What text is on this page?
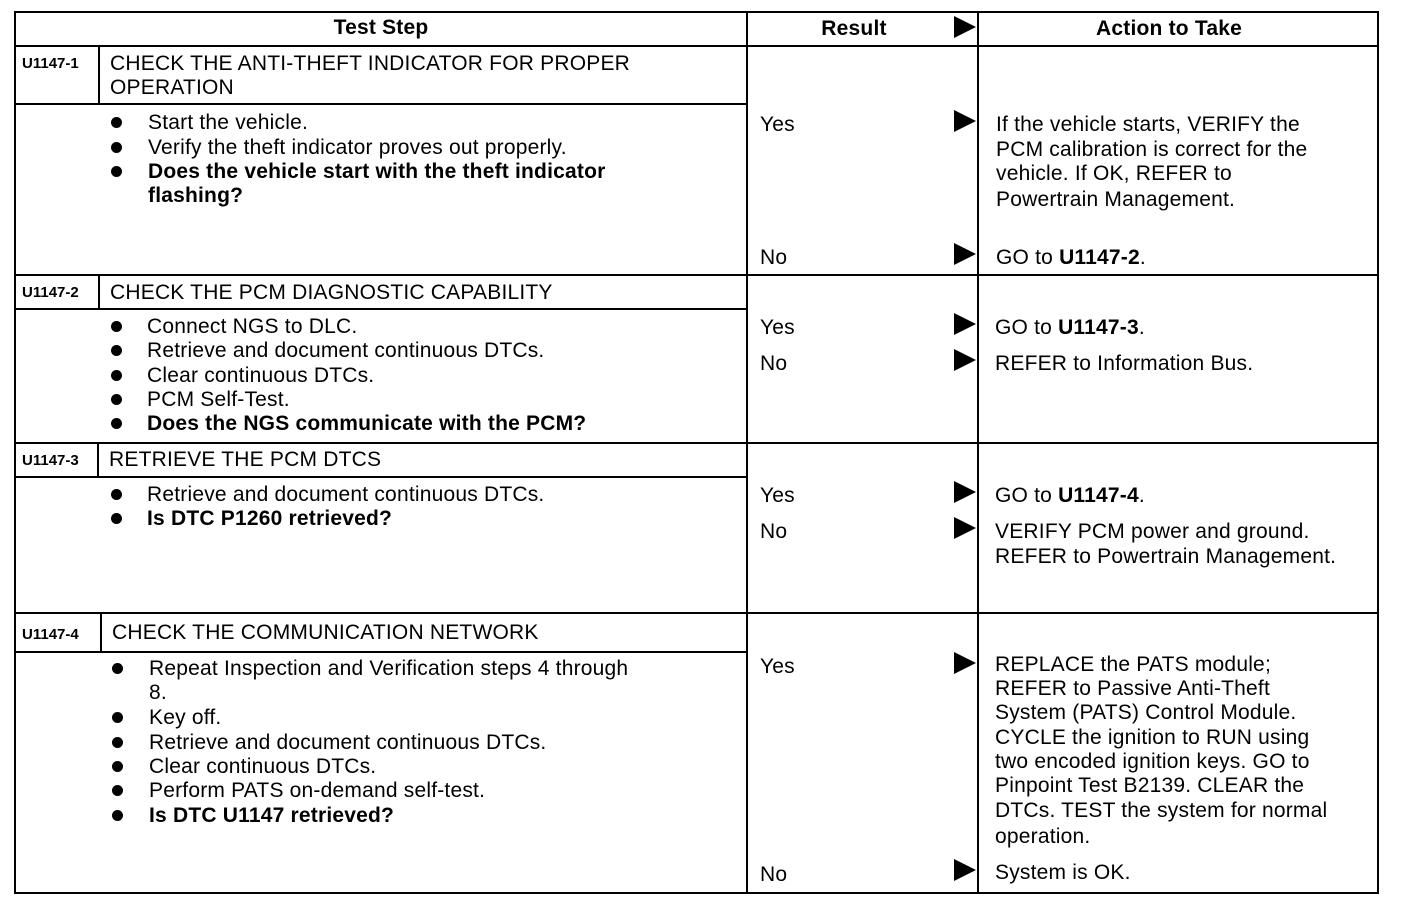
Test Step	Result	Action to Take
U1147-1 CHECK THE ANTI-THEFT INDICATOR FOR PROPER
OPERATION
Start the vehicle.
Verify the theft indicator proves out properly.
Does the vehicle start with the theft indicator
flashing?
Yes	If the vehicle starts, VERIFY the
PCM calibration is correct for the
vehicle. If OK, REFER to
Powertrain Management.
No	GO to U1147-2.
U1147-2 CHECK THE PCM DIAGNOSTIC CAPABILITY
Connect NGS to DLC.
Retrieve and document continuous DTCs.
Clear continuous DTCs.
PCM Self-Test.
Does the NGS communicate with the PCM?
Yes	GO to U1147-3.
No	REFER to Information Bus.
U1147-3 RETRIEVE THE PCM DTCS
Retrieve and document continuous DTCs.
Is DTC P1260 retrieved?
Yes	GO to U1147-4.
No	VERIFY PCM power and ground.
REFER to Powertrain Management.
U1147-4 CHECK THE COMMUNICATION NETWORK
Repeat Inspection and Verification steps 4 through
8.
Key off.
Retrieve and document continuous DTCs.
Clear continuous DTCs.
Perform PATS on-demand self-test.
Is DTC U1147 retrieved?
Yes	REPLACE the PATS module;
REFER to Passive Anti-Theft
System (PATS) Control Module.
CYCLE the ignition to RUN using
two encoded ignition keys. GO to
Pinpoint Test B2139. CLEAR the
DTCs. TEST the system for normal
operation.
No	System is OK.
